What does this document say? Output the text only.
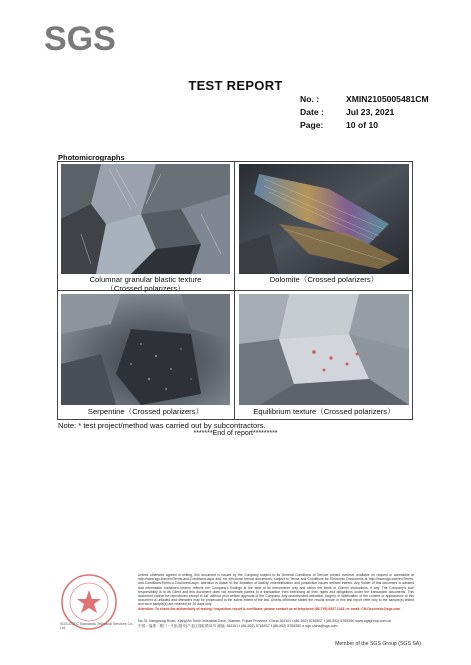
SGS
TEST REPORT
No. :	XMIN2105005481CM
Date :	Jul 23, 2021
Page:	10 of 10
Photomicrographs
Columnar granular blastic texture
（Crossed polarizers）
Dolomite（Crossed polarizers）
Serpentine（Crossed polarizers）	Equilibrium texture（Crossed polarizers）
Note: * test project/method was carried out by subcontractors.
*******End of report*********
SGS-CSTC Standards Technical Services Co., Ltd.
Unless otherwise agreed in writing, this document is issued by the Company subject to its General Conditions of Service printed overleaf, available on request or accessible at http://www.sgs.com/en/Terms-and-Conditions.aspx and, for electronic format documents, subject to Terms and Conditions for Electronic Documents at http://www.sgs.com/en/Terms-and-Conditions/Terms-e-Document.aspx. Attention is drawn to the limitation of liability, indemnification and jurisdiction issues defined therein. Any holder of this document is advised that information contained hereon reflects the Company's findings at the time of its intervention only and within the limits of Client's instructions, if any. The Company's sole responsibility is to its Client and this document does not exonerate parties to a transaction from exercising all their rights and obligations under the transaction documents. This document cannot be reproduced except in full, without prior written approval of the Company. Any unauthorized alteration, forgery or falsification of the content or appearance of this document is unlawful and offenders may be prosecuted to the fullest extent of the law. Unless otherwise stated the results shown in this test report refer only to the sample(s) tested and such sample(s) are retained for 30 days only.
Attention: To check the authenticity of testing / inspection report & certificate, please contact us at telephone (86-755) 8307 1443, or email: CN.Doccheck@sgs.com
No.31 Xianghong Road, Xiang'An Torch Industrial Zone, Xiamen, Fujian Province, China 361101 t (86-592) 5765937 f (86-592) 5765390 www.sgsgroup.com.cn
中国・福建・厦门・火炬(翔安)产业区翔虹路31号 邮编: 361101 t (86-592) 5765937 f (86-592) 5765390 e sgs.china@sgs.com
Member of the SGS Group (SGS SA)
